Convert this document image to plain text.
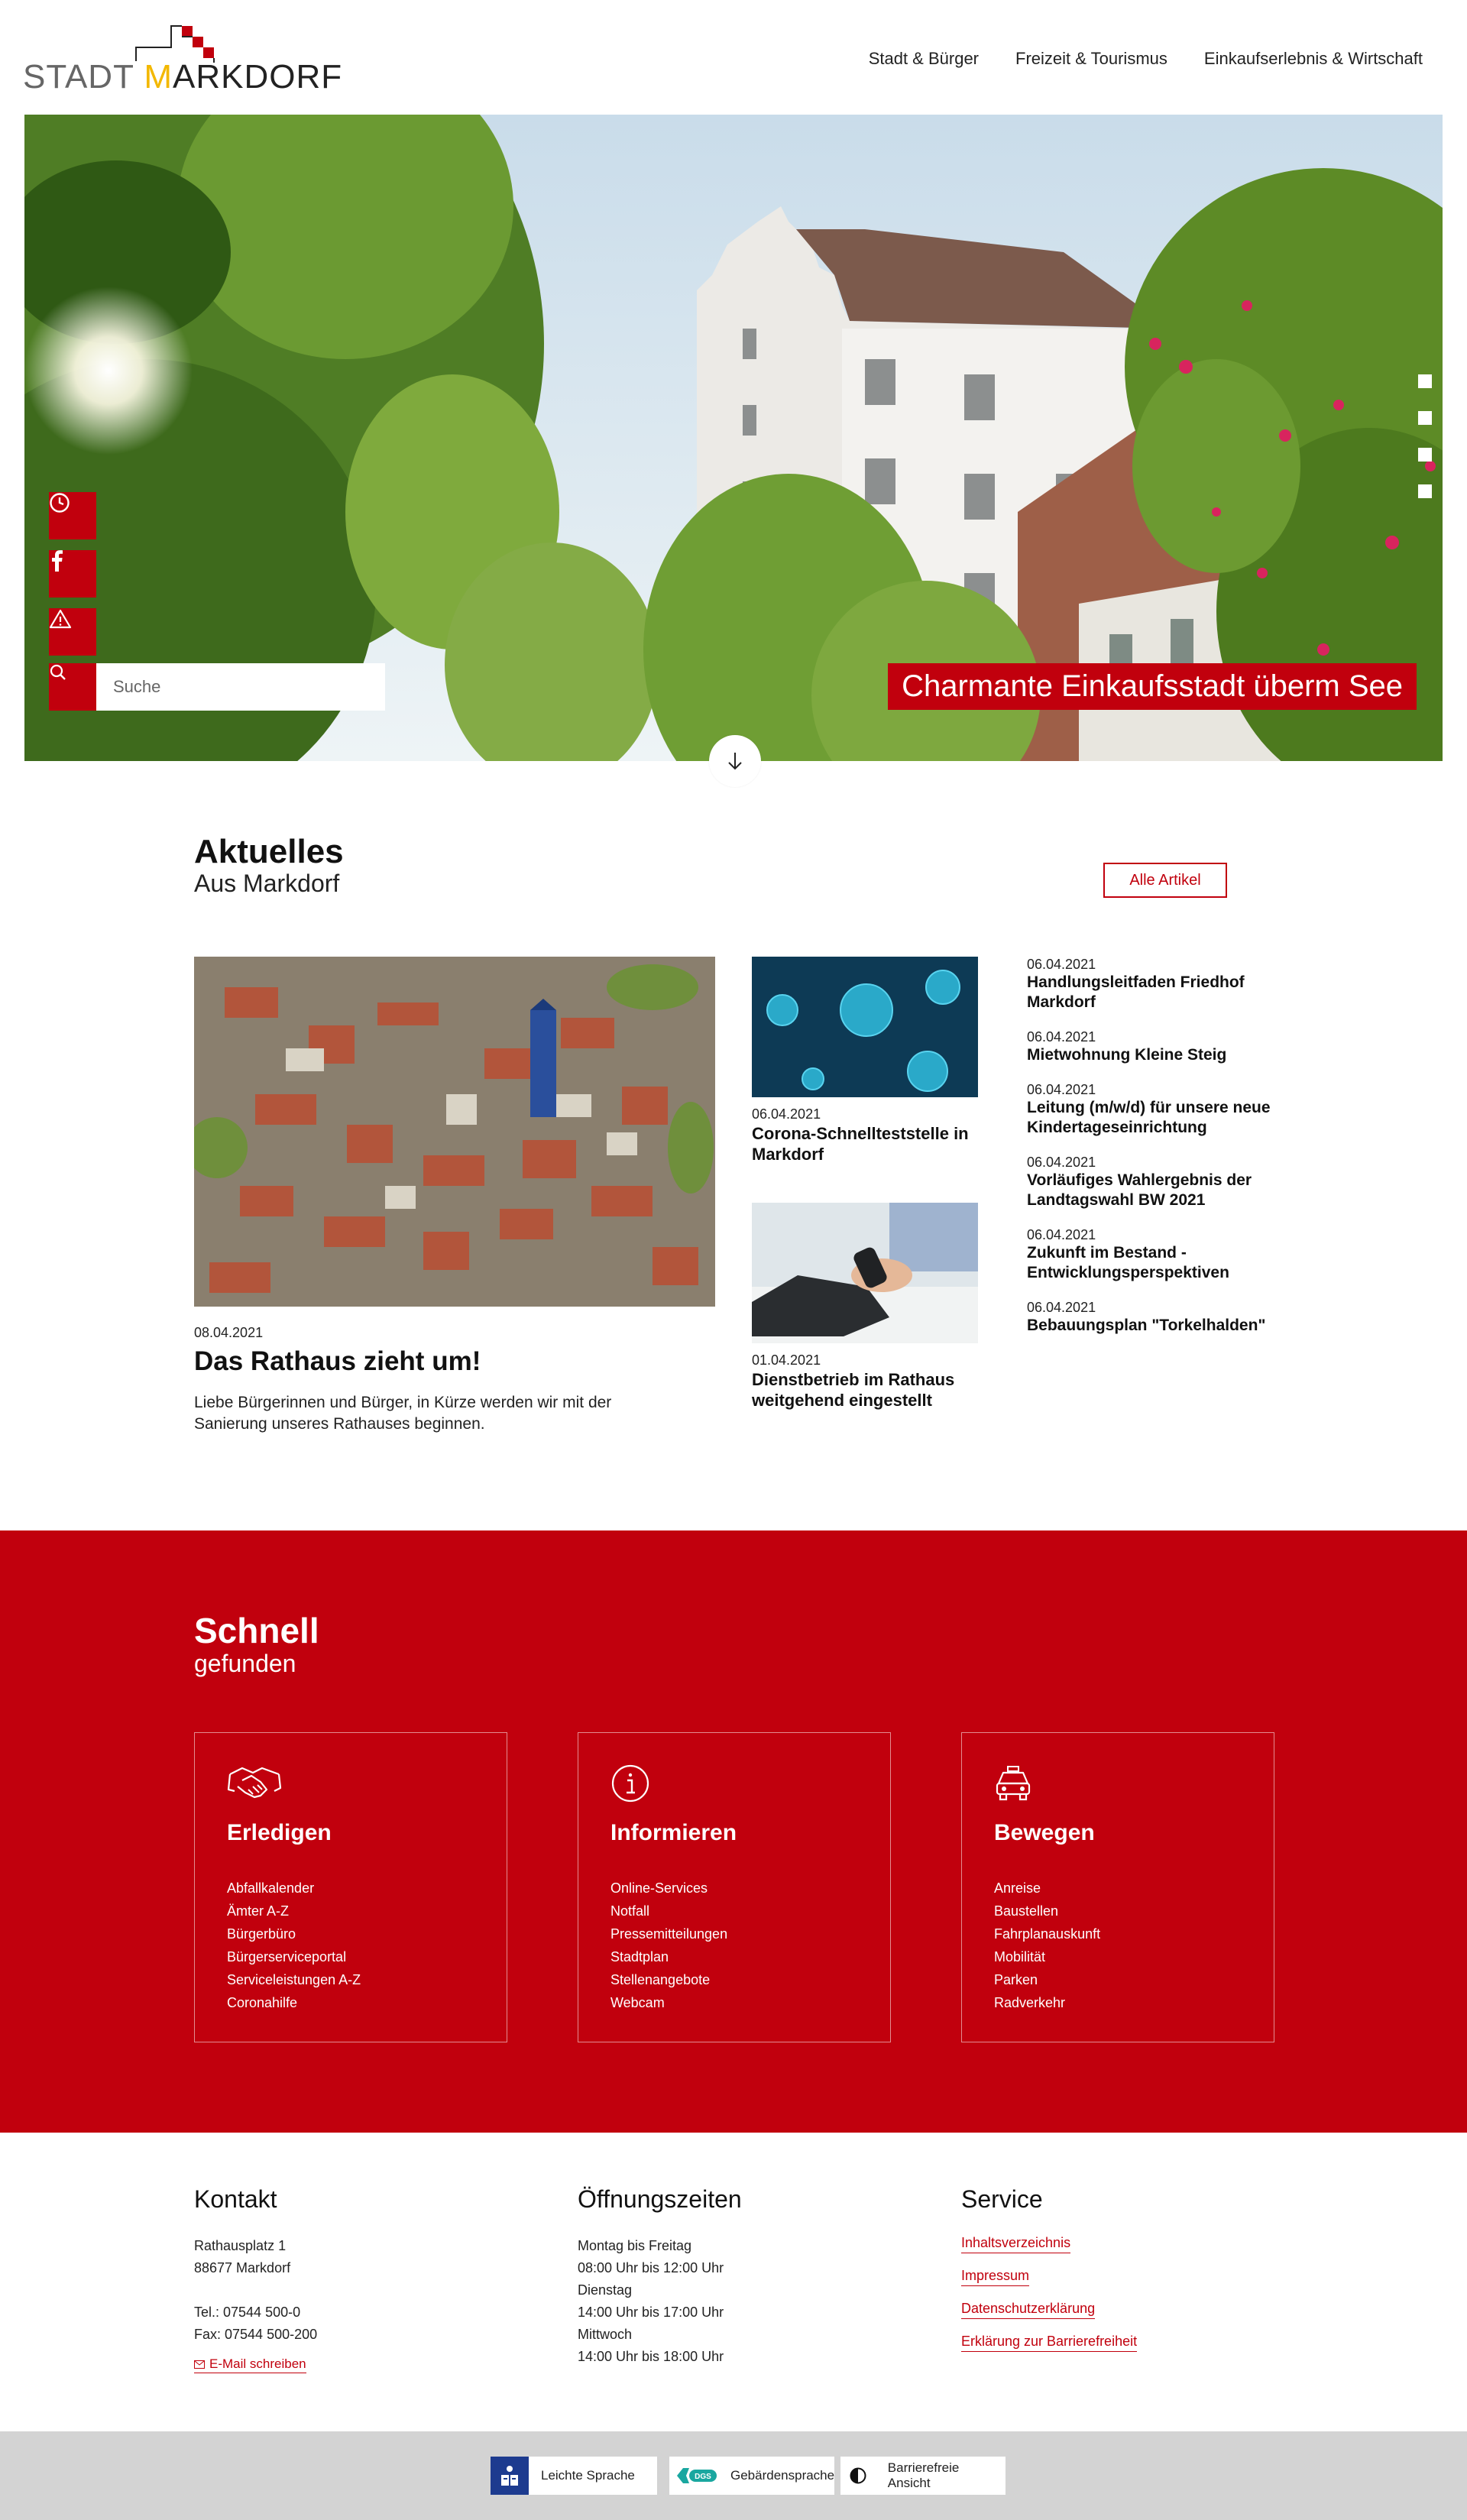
STADT MARKDORF	Stadt & Bürger Freizeit & Tourismus Einkaufserlebnis & Wirtschaft
Suche
Charmante Einkaufsstadt überm See
Aktuelles
Aus Markdorf	Alle Artikel
08.04.2021
Das Rathaus zieht um!
Liebe Bürgerinnen und Bürger, in Kürze werden wir mit der Sanierung unseres Rathauses beginnen.
06.04.2021
Corona-Schnellteststelle in Markdorf
01.04.2021
Dienstbetrieb im Rathaus weitgehend eingestellt
06.04.2021
Handlungsleitfaden Friedhof Markdorf
06.04.2021
Mietwohnung Kleine Steig
06.04.2021
Leitung (m/w/d) für unsere neue Kindertageseinrichtung
06.04.2021
Vorläufiges Wahlergebnis der Landtagswahl BW 2021
06.04.2021
Zukunft im Bestand - Entwicklungsperspektiven
06.04.2021
Bebauungsplan "Torkelhalden"
Schnell
gefunden
Erledigen
Abfallkalender
Ämter A-Z
Bürgerbüro
Bürgerserviceportal
Serviceleistungen A-Z
Coronahilfe
Informieren
Online-Services
Notfall
Pressemitteilungen
Stadtplan
Stellenangebote
Webcam
Bewegen
Anreise
Baustellen
Fahrplanauskunft
Mobilität
Parken
Radverkehr
Kontakt
Rathausplatz 1
88677 Markdorf
Tel.: 07544 500-0
Fax: 07544 500-200
E-Mail schreiben
Öffnungszeiten
Montag bis Freitag
08:00 Uhr bis 12:00 Uhr
Dienstag
14:00 Uhr bis 17:00 Uhr
Mittwoch
14:00 Uhr bis 18:00 Uhr
Service
Inhaltsverzeichnis
Impressum
Datenschutzerklärung
Erklärung zur Barrierefreiheit
Leichte Sprache	DGS Gebärdensprache
Barrierefreie Ansicht
